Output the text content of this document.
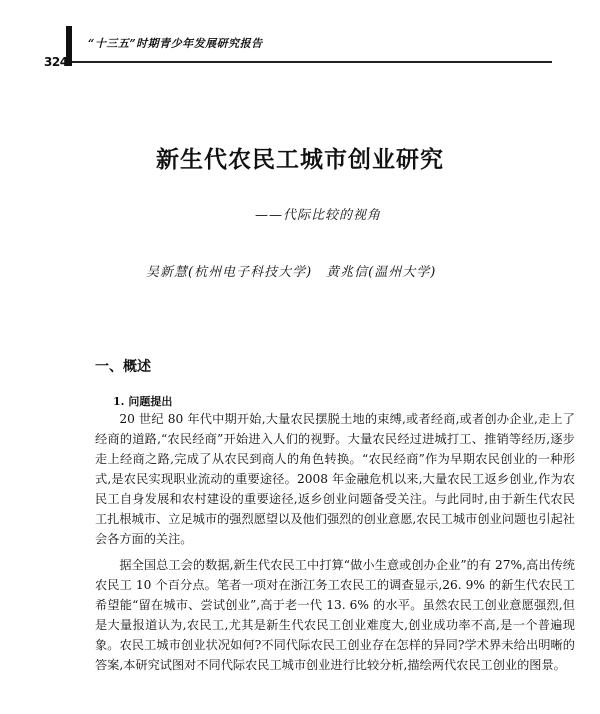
324
“十三五”时期青少年发展研究报告
新生代农民工城市创业研究
——代际比较的视角
吴新慧(杭州电子科技大学) 黄兆信(温州大学)
一、概述
1. 问题提出

20 世纪 80 年代中期开始,大量农民摆脱土地的束缚,或者经商,或者创办企业,走上了经商的道路,“农民经商”开始进入人们的视野。大量农民经过进城打工、推销等经历,逐步走上经商之路,完成了从农民到商人的角色转换。“农民经商”作为早期农民创业的一种形式,是农民实现职业流动的重要途径。2008 年金融危机以来,大量农民工返乡创业,作为农民工自身发展和农村建设的重要途径,返乡创业问题备受关注。与此同时,由于新生代农民工扎根城市、立足城市的强烈愿望以及他们强烈的创业意愿,农民工城市创业问题也引起社会各方面的关注。

据全国总工会的数据,新生代农民工中打算“做小生意或创办企业”的有 27%,高出传统农民工 10 个百分点。笔者一项对在浙江务工农民工的调查显示,26. 9% 的新生代农民工希望能“留在城市、尝试创业”,高于老一代 13. 6% 的水平。虽然农民工创业意愿强烈,但是大量报道认为,农民工,尤其是新生代农民工创业难度大,创业成功率不高,是一个普遍现象。农民工城市创业状况如何?不同代际农民工创业存在怎样的异同?学术界未给出明晰的答案,本研究试图对不同代际农民工城市创业进行比较分析,描绘两代农民工创业的图景。
